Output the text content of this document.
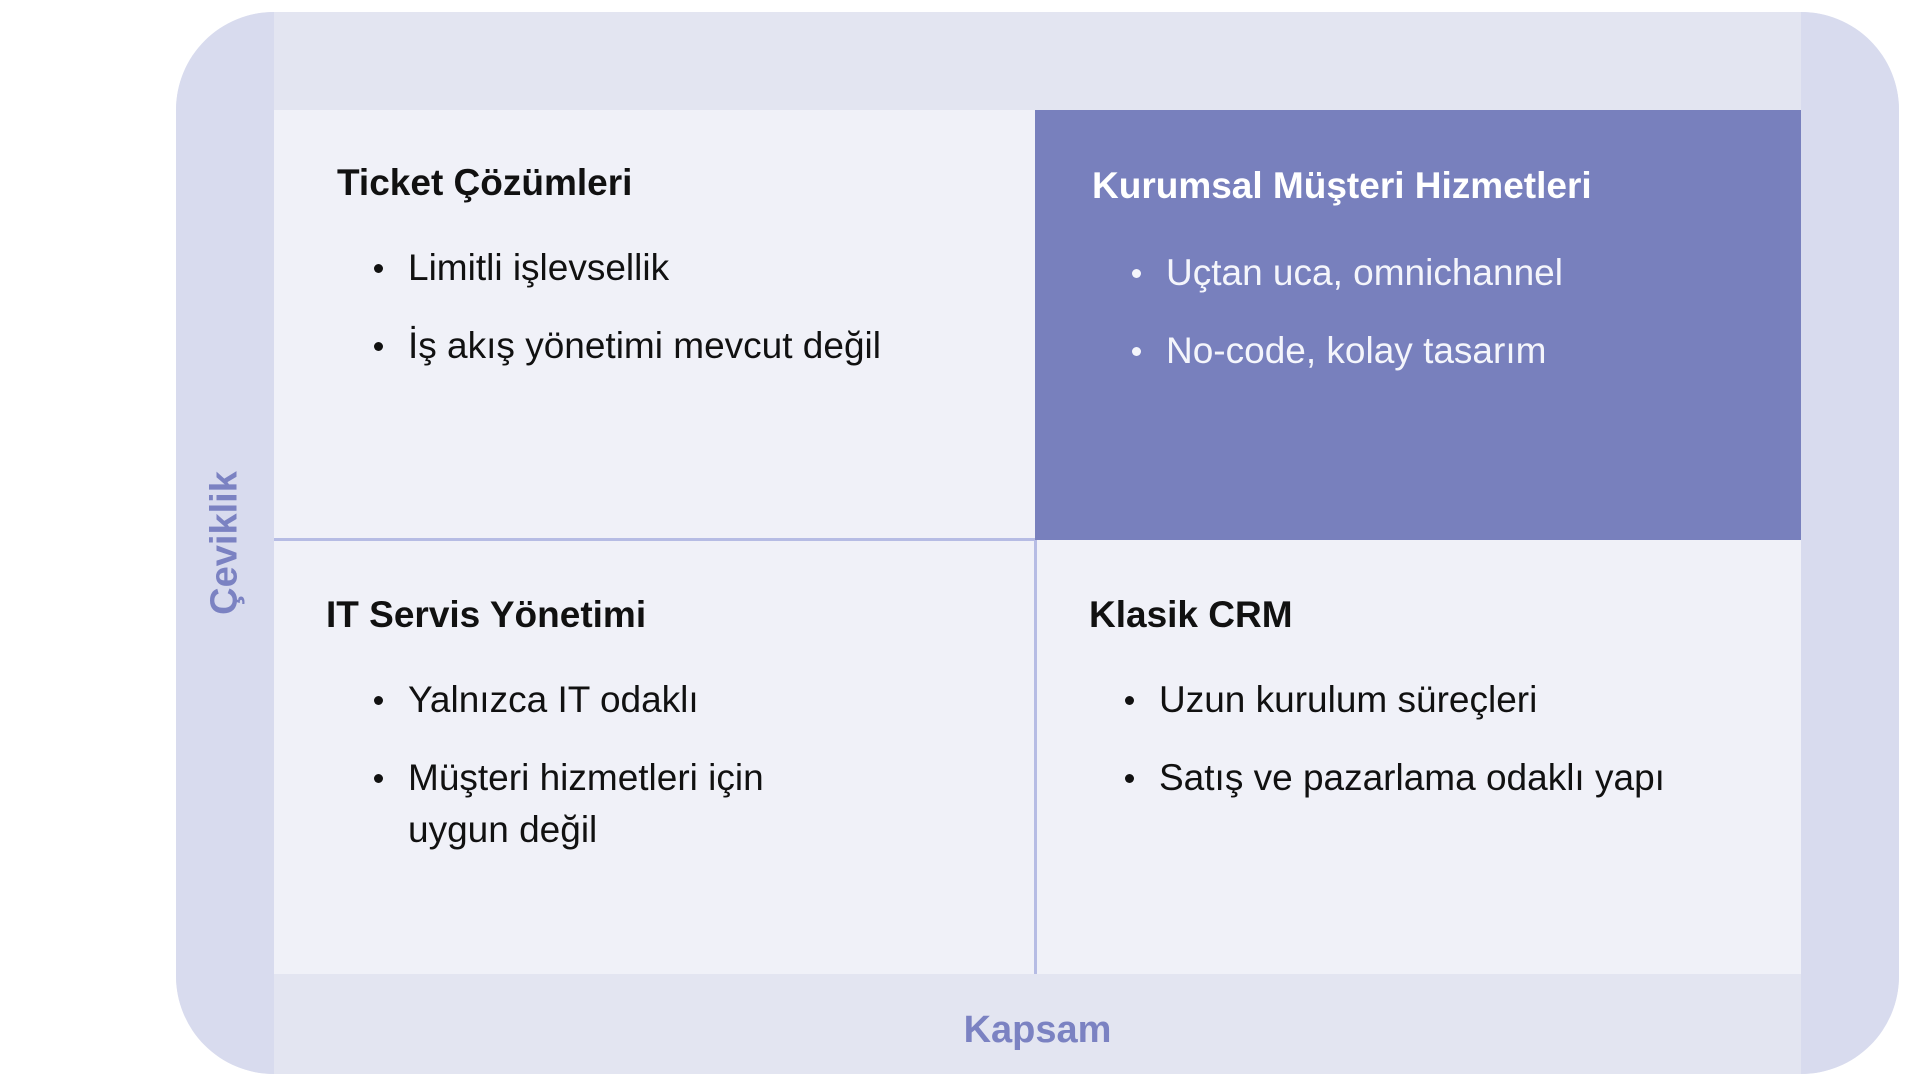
Ticket Çözümleri
Limitli işlevsellik
İş akış yönetimi mevcut değil
Kurumsal Müşteri Hizmetleri
Uçtan uca, omnichannel
No-code, kolay tasarım
IT Servis Yönetimi
Yalnızca IT odaklı
Müşteri hizmetleri için uygun değil
Klasik CRM
Uzun kurulum süreçleri
Satış ve pazarlama odaklı yapı
Çeviklik
Kapsam
